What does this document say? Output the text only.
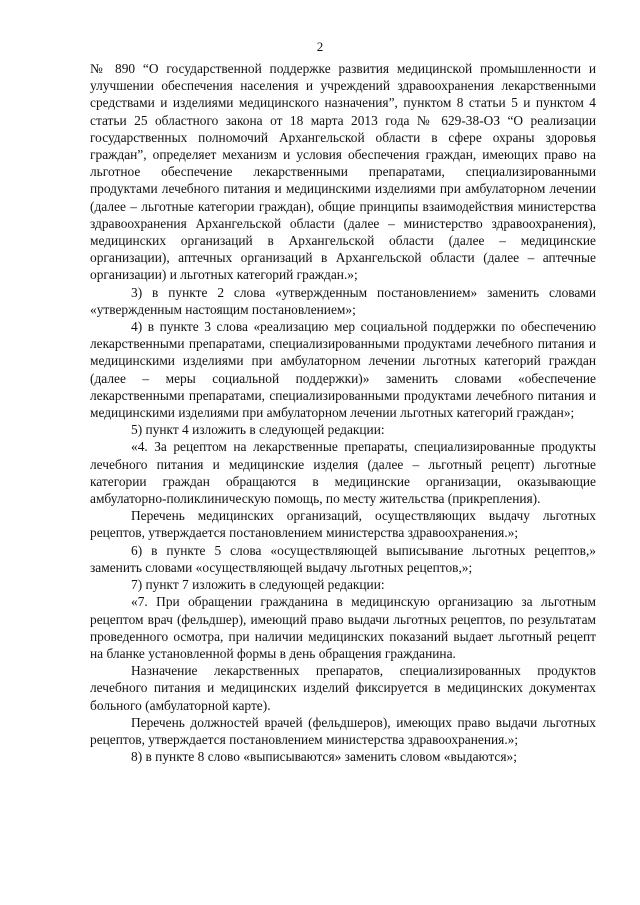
2

№ 890 “О государственной поддержке развития медицинской промышленности и улучшении обеспечения населения и учреждений здравоохранения лекарственными средствами и изделиями медицинского назначения”, пунктом 8 статьи 5 и пунктом 4 статьи 25 областного закона от 18 марта 2013 года № 629-38-ОЗ “О реализации государственных полномочий Архангельской области в сфере охраны здоровья граждан”, определяет механизм и условия обеспечения граждан, имеющих право на льготное обеспечение лекарственными препаратами, специализированными продуктами лечебного питания и медицинскими изделиями при амбулаторном лечении (далее – льготные категории граждан), общие принципы взаимодействия министерства здравоохранения Архангельской области (далее – министерство здравоохранения), медицинских организаций в Архангельской области (далее – медицинские организации), аптечных организаций в Архангельской области (далее – аптечные организации) и льготных категорий граждан.»;

3) в пункте 2 слова «утвержденным постановлением» заменить словами «утвержденным настоящим постановлением»;

4) в пункте 3 слова «реализацию мер социальной поддержки по обеспечению лекарственными препаратами, специализированными продуктами лечебного питания и медицинскими изделиями при амбулаторном лечении льготных категорий граждан (далее – меры социальной поддержки)» заменить словами «обеспечение лекарственными препаратами, специализированными продуктами лечебного питания и медицинскими изделиями при амбулаторном лечении льготных категорий граждан»;

5) пункт 4 изложить в следующей редакции:

«4. За рецептом на лекарственные препараты, специализированные продукты лечебного питания и медицинские изделия (далее – льготный рецепт) льготные категории граждан обращаются в медицинские организации, оказывающие амбулаторно-поликлиническую помощь, по месту жительства (прикрепления).

Перечень медицинских организаций, осуществляющих выдачу льготных рецептов, утверждается постановлением министерства здравоохранения.»;

6) в пункте 5 слова «осуществляющей выписывание льготных рецептов,» заменить словами «осуществляющей выдачу льготных рецептов,»;

7) пункт 7 изложить в следующей редакции:

«7. При обращении гражданина в медицинскую организацию за льготным рецептом врач (фельдшер), имеющий право выдачи льготных рецептов, по результатам проведенного осмотра, при наличии медицинских показаний выдает льготный рецепт на бланке установленной формы в день обращения гражданина.

Назначение лекарственных препаратов, специализированных продуктов лечебного питания и медицинских изделий фиксируется в медицинских документах больного (амбулаторной карте).

Перечень должностей врачей (фельдшеров), имеющих право выдачи льготных рецептов, утверждается постановлением министерства здравоохранения.»;

8) в пункте 8 слово «выписываются» заменить словом «выдаются»;
